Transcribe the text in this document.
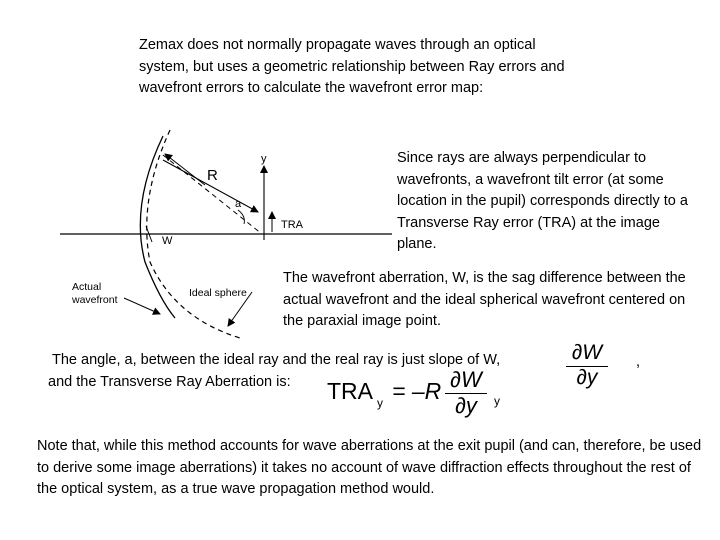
Zemax does not normally propagate waves through an optical system, but uses a geometric relationship between Ray errors and wavefront errors to calculate the wavefront error map:
R
y
a
TRA
W
Actual
wavefront
Ideal sphere
Since rays are always perpendicular to wavefronts, a wavefront tilt error (at some location in the pupil) corresponds directly to a Transverse Ray error (TRA) at the image plane.
The wavefront aberration, W, is the sag difference between the actual wavefront and the ideal spherical wavefront centered on the paraxial image point.
The angle, a, between the ideal ray and the real ray is just slope of W,	∂W
∂y
,
and the Transverse Ray Aberration is: TRA y = –R ∂W
∂y	y
Note that, while this method accounts for wave aberrations at the exit pupil (and can, therefore, be used to derive some image aberrations) it takes no account of wave diffraction effects throughout the rest of the optical system, as a true wave propagation method would.
